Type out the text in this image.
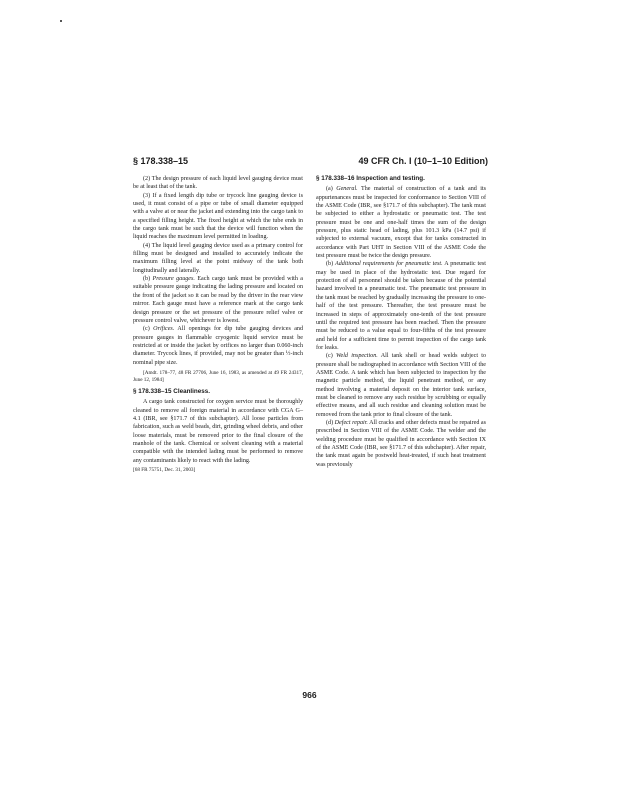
§ 178.338–15	49 CFR Ch. I (10–1–10 Edition)

(2) The design pressure of each liquid level gauging device must be at least that of the tank.

(3) If a fixed length dip tube or trycock line gauging device is used, it must consist of a pipe or tube of small diameter equipped with a valve at or near the jacket and extending into the cargo tank to a specified filling height. The fixed height at which the tube ends in the cargo tank must be such that the device will function when the liquid reaches the maximum level permitted in loading.

(4) The liquid level gauging device used as a primary control for filling must be designed and installed to accurately indicate the maximum filling level at the point midway of the tank both longitudinally and laterally.

(b) Pressure gauges. Each cargo tank must be provided with a suitable pressure gauge indicating the lading pressure and located on the front of the jacket so it can be read by the driver in the rear view mirror. Each gauge must have a reference mark at the cargo tank design pressure or the set pressure of the pressure relief valve or pressure control valve, whichever is lowest.

(c) Orifices. All openings for dip tube gauging devices and pressure gauges in flammable cryogenic liquid service must be restricted at or inside the jacket by orifices no larger than 0.060-inch diameter. Trycock lines, if provided, may not be greater than ½-inch nominal pipe size.

[Amdt. 178–77, 48 FR 27706, June 16, 1983, as amended at 49 FR 24317, June 12, 1984]

§ 178.338–15 Cleanliness.

A cargo tank constructed for oxygen service must be thoroughly cleaned to remove all foreign material in accordance with CGA G–4.1 (IBR, see §171.7 of this subchapter). All loose particles from fabrication, such as weld beads, dirt, grinding wheel debris, and other loose materials, must be removed prior to the final closure of the manhole of the tank. Chemical or solvent cleaning with a material compatible with the intended lading must be performed to remove any contaminants likely to react with the lading.

[68 FR 75751, Dec. 31, 2003]

§ 178.338–16 Inspection and testing.

(a) General. The material of construction of a tank and its appurtenances must be inspected for conformance to Section VIII of the ASME Code (IBR, see §171.7 of this subchapter). The tank must be subjected to either a hydrostatic or pneumatic test. The test pressure must be one and one-half times the sum of the design pressure, plus static head of lading, plus 101.3 kPa (14.7 psi) if subjected to external vacuum, except that for tanks constructed in accordance with Part UHT in Section VIII of the ASME Code the test pressure must be twice the design pressure.

(b) Additional requirements for pneumatic test. A pneumatic test may be used in place of the hydrostatic test. Due regard for protection of all personnel should be taken because of the potential hazard involved in a pneumatic test. The pneumatic test pressure in the tank must be reached by gradually increasing the pressure to one-half of the test pressure. Thereafter, the test pressure must be increased in steps of approximately one-tenth of the test pressure until the required test pressure has been reached. Then the pressure must be reduced to a value equal to four-fifths of the test pressure and held for a sufficient time to permit inspection of the cargo tank for leaks.

(c) Weld inspection. All tank shell or head welds subject to pressure shall be radiographed in accordance with Section VIII of the ASME Code. A tank which has been subjected to inspection by the magnetic particle method, the liquid penetrant method, or any method involving a material deposit on the interior tank surface, must be cleaned to remove any such residue by scrubbing or equally effective means, and all such residue and cleaning solution must be removed from the tank prior to final closure of the tank.

(d) Defect repair. All cracks and other defects must be repaired as prescribed in Section VIII of the ASME Code. The welder and the welding procedure must be qualified in accordance with Section IX of the ASME Code (IBR, see §171.7 of this subchapter). After repair, the tank must again be postweld heat-treated, if such heat treatment was previously

966
